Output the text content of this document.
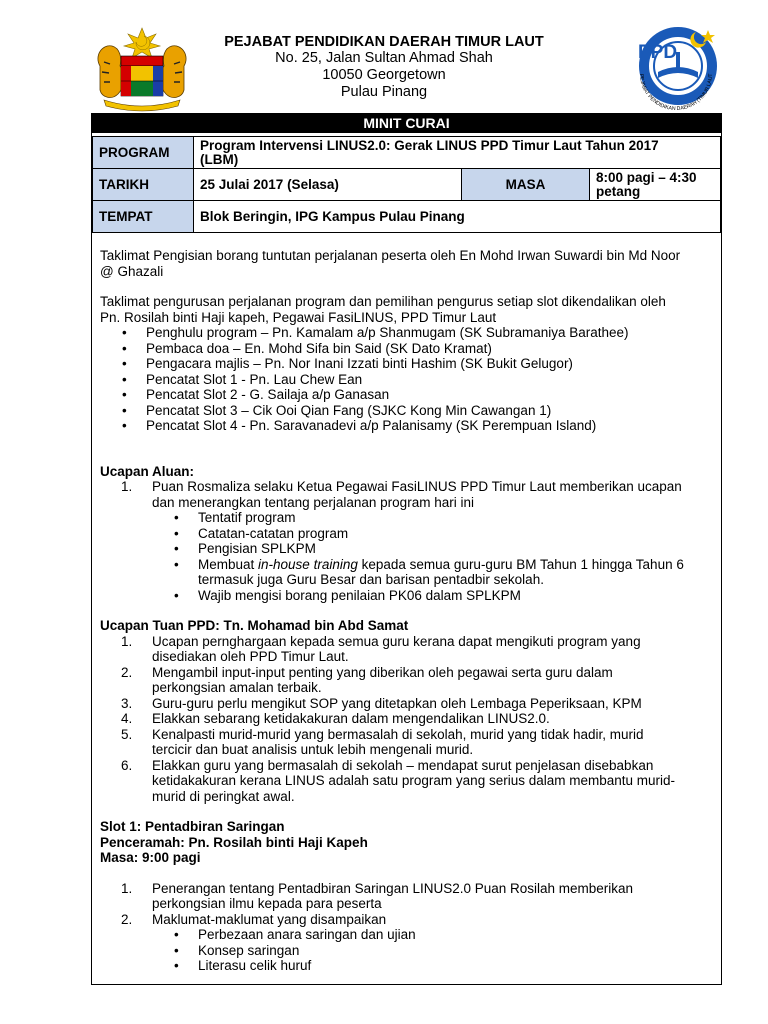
PEJABAT PENDIDIKAN DAERAH TIMUR LAUT
No. 25, Jalan Sultan Ahmad Shah
10050 Georgetown
Pulau Pinang
PPD
PEJABAT PENDIDIKAN DAERAH (TIMUR LAUT
MINIT CURAI
PROGRAM	Program Intervensi LINUS2.0: Gerak LINUS PPD Timur Laut Tahun 2017
(LBM)		

TARIKH	25 Julai 2017 (Selasa)	MASA	8:00 pagi – 4:30
petang

TEMPAT	Blok Beringin, IPG Kampus Pulau Pinang		

Taklimat Pengisian borang tuntutan perjalanan peserta oleh En Mohd Irwan Suwardi bin Md Noor
@ Ghazali

Taklimat pengurusan perjalanan program dan pemilihan pengurus setiap slot dikendalikan oleh
Pn. Rosilah binti Haji kapeh, Pegawai FasiLINUS, PPD Timur Laut

• Penghulu program – Pn. Kamalam a/p Shanmugam (SK Subramaniya Barathee)
• Pembaca doa – En. Mohd Sifa bin Said (SK Dato Kramat)
• Pengacara majlis – Pn. Nor Inani Izzati binti Hashim (SK Bukit Gelugor)
• Pencatat Slot 1 - Pn. Lau Chew Ean
• Pencatat Slot 2 - G. Sailaja a/p Ganasan
• Pencatat Slot 3 – Cik Ooi Qian Fang (SJKC Kong Min Cawangan 1)
• Pencatat Slot 4 - Pn. Saravanadevi a/p Palanisamy (SK Perempuan Island)

Ucapan Aluan:

1. Puan Rosmaliza selaku Ketua Pegawai FasiLINUS PPD Timur Laut memberikan ucapan
dan menerangkan tentang perjalanan program hari ini
• Tentatif program
• Catatan-catatan program
• Pengisian SPLKPM
• Membuat in-house training kepada semua guru-guru BM Tahun 1 hingga Tahun 6
termasuk juga Guru Besar dan barisan pentadbir sekolah.
• Wajib mengisi borang penilaian PK06 dalam SPLKPM

Ucapan Tuan PPD: Tn. Mohamad bin Abd Samat

1. Ucapan pernghargaan kepada semua guru kerana dapat mengikuti program yang
disediakan oleh PPD Timur Laut.
2. Mengambil input-input penting yang diberikan oleh pegawai serta guru dalam
perkongsian amalan terbaik.
3. Guru-guru perlu mengikut SOP yang ditetapkan oleh Lembaga Peperiksaan, KPM
4. Elakkan sebarang ketidakakuran dalam mengendalikan LINUS2.0.
5. Kenalpasti murid-murid yang bermasalah di sekolah, murid yang tidak hadir, murid
tercicir dan buat analisis untuk lebih mengenali murid.
6. Elakkan guru yang bermasalah di sekolah – mendapat surut penjelasan disebabkan
ketidakakuran kerana LINUS adalah satu program yang serius dalam membantu murid-
murid di peringkat awal.

Slot 1: Pentadbiran Saringan

Penceramah: Pn. Rosilah binti Haji Kapeh

Masa: 9:00 pagi

1. Penerangan tentang Pentadbiran Saringan LINUS2.0 Puan Rosilah memberikan
perkongsian ilmu kepada para peserta
2. Maklumat-maklumat yang disampaikan
• Perbezaan anara saringan dan ujian
• Konsep saringan
• Literasu celik huruf
